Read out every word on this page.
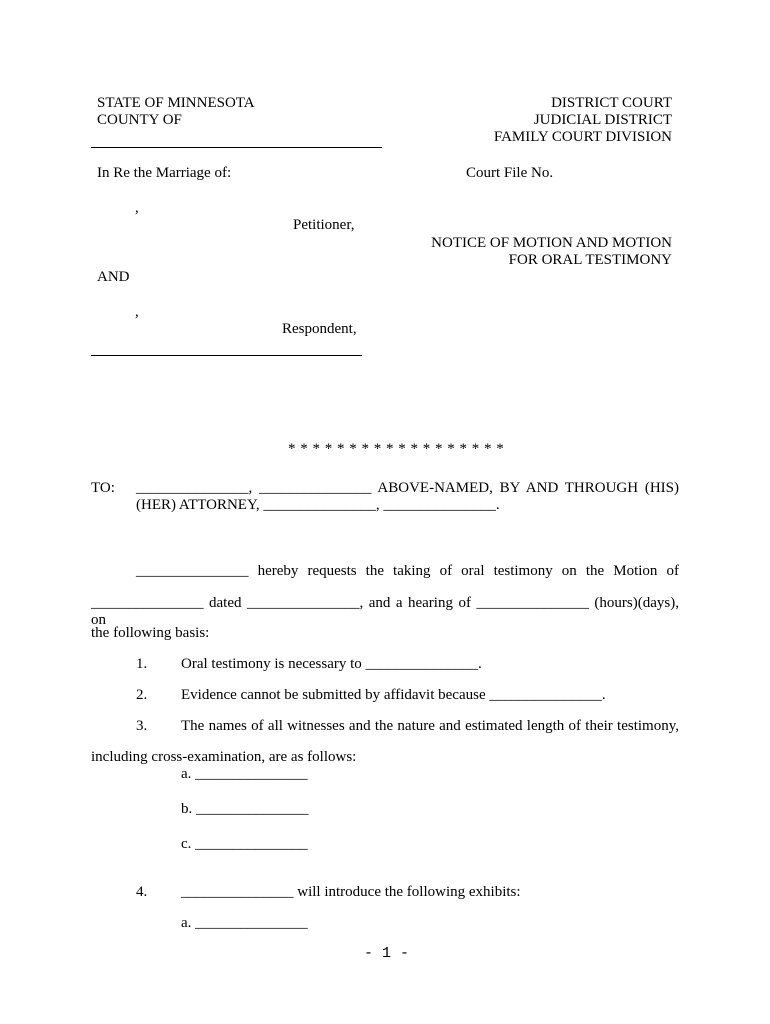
STATE OF MINNESOTA
COUNTY OF
DISTRICT COURT
JUDICIAL DISTRICT
FAMILY COURT DIVISION
In Re the Marriage of:	Court File No.
,
Petitioner,
NOTICE OF MOTION AND MOTION
FOR ORAL TESTIMONY
AND
,
Respondent,
* * * * * * * * * * * * * * * * * *
TO: _______________, _______________ ABOVE-NAMED, BY AND THROUGH (HIS)
(HER) ATTORNEY, _______________, _______________.
_______________ hereby requests the taking of oral testimony on the Motion of
_______________ dated _______________, and a hearing of _______________ (hours)(days), on
the following basis:
1. Oral testimony is necessary to _______________.
2. Evidence cannot be submitted by affidavit because _______________.
3. The names of all witnesses and the nature and estimated length of their testimony,
including cross-examination, are as follows:
a. _______________
b. _______________
c. _______________
4. _______________ will introduce the following exhibits:
a. _______________
- 1 -
